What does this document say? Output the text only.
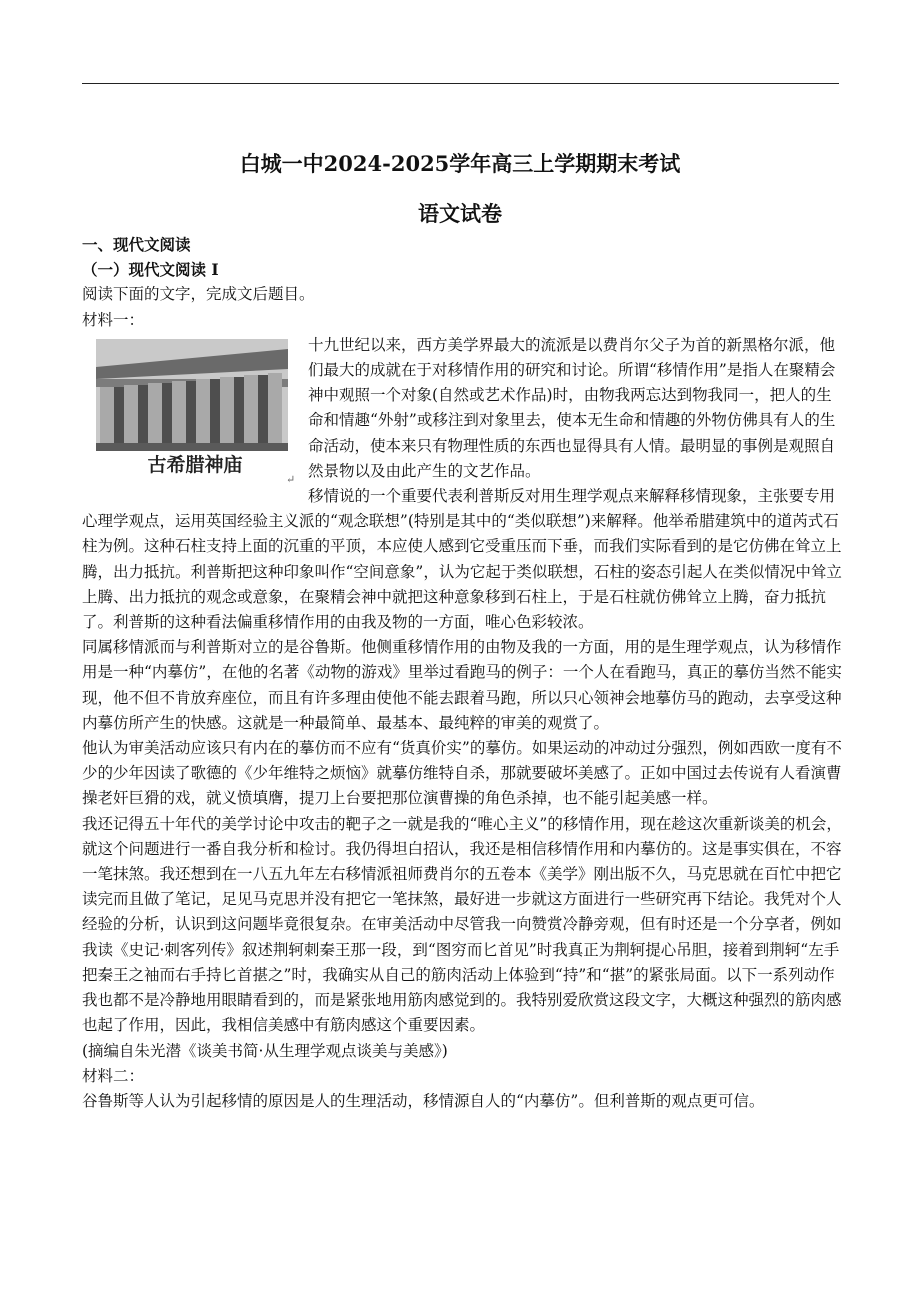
白城一中2024-2025学年高三上学期期末考试
语文试卷

一、现代文阅读

（一）现代文阅读 I

阅读下面的文字，完成文后题目。

材料一：

古希腊神庙
↵

十九世纪以来，西方美学界最大的流派是以费肖尔父子为首的新黑格尔派，他们最大的成就在于对移情作用的研究和讨论。所谓“移情作用”是指人在聚精会神中观照一个对象(自然或艺术作品)时，由物我两忘达到物我同一，把人的生命和情趣“外射”或移注到对象里去，使本无生命和情趣的外物仿佛具有人的生命活动，使本来只有物理性质的东西也显得具有人情。最明显的事例是观照自然景物以及由此产生的文艺作品。

移情说的一个重要代表利普斯反对用生理学观点来解释移情现象，主张要专用心理学观点，运用英国经验主义派的“观念联想”(特别是其中的“类似联想”)来解释。他举希腊建筑中的道芮式石柱为例。这种石柱支持上面的沉重的平顶，本应使人感到它受重压而下垂，而我们实际看到的是它仿佛在耸立上腾，出力抵抗。利普斯把这种印象叫作“空间意象”，认为它起于类似联想，石柱的姿态引起人在类似情况中耸立上腾、出力抵抗的观念或意象，在聚精会神中就把这种意象移到石柱上，于是石柱就仿佛耸立上腾，奋力抵抗了。利普斯的这种看法偏重移情作用的由我及物的一方面，唯心色彩较浓。

同属移情派而与利普斯对立的是谷鲁斯。他侧重移情作用的由物及我的一方面，用的是生理学观点，认为移情作用是一种“内摹仿”，在他的名著《动物的游戏》里举过看跑马的例子：一个人在看跑马，真正的摹仿当然不能实现，他不但不肯放弃座位，而且有许多理由使他不能去跟着马跑，所以只心领神会地摹仿马的跑动，去享受这种内摹仿所产生的快感。这就是一种最简单、最基本、最纯粹的审美的观赏了。

他认为审美活动应该只有内在的摹仿而不应有“货真价实”的摹仿。如果运动的冲动过分强烈，例如西欧一度有不少的少年因读了歌德的《少年维特之烦恼》就摹仿维特自杀，那就要破坏美感了。正如中国过去传说有人看演曹操老奸巨猾的戏，就义愤填膺，提刀上台要把那位演曹操的角色杀掉，也不能引起美感一样。

我还记得五十年代的美学讨论中攻击的靶子之一就是我的“唯心主义”的移情作用，现在趁这次重新谈美的机会，就这个问题进行一番自我分析和检讨。我仍得坦白招认，我还是相信移情作用和内摹仿的。这是事实俱在，不容一笔抹煞。我还想到在一八五九年左右移情派祖师费肖尔的五卷本《美学》刚出版不久，马克思就在百忙中把它读完而且做了笔记，足见马克思并没有把它一笔抹煞，最好进一步就这方面进行一些研究再下结论。我凭对个人经验的分析，认识到这问题毕竟很复杂。在审美活动中尽管我一向赞赏冷静旁观，但有时还是一个分享者，例如我读《史记·刺客列传》叙述荆轲刺秦王那一段，到“图穷而匕首见”时我真正为荆轲提心吊胆，接着到荆轲“左手把秦王之袖而右手持匕首揕之”时，我确实从自己的筋肉活动上体验到“持”和“揕”的紧张局面。以下一系列动作我也都不是冷静地用眼睛看到的，而是紧张地用筋肉感觉到的。我特别爱欣赏这段文字，大概这种强烈的筋肉感也起了作用，因此，我相信美感中有筋肉感这个重要因素。

(摘编自朱光潜《谈美书简·从生理学观点谈美与美感》)

材料二：

谷鲁斯等人认为引起移情的原因是人的生理活动，移情源自人的“内摹仿”。但利普斯的观点更可信。
